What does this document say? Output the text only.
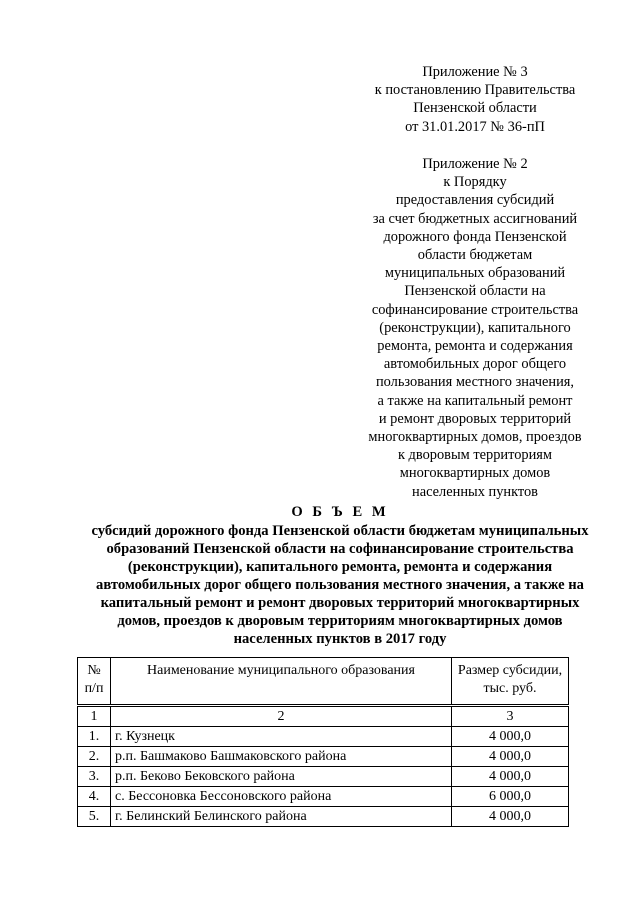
Приложение № 3
к постановлению Правительства
Пензенской области
от 31.01.2017 № 36-пП
Приложение № 2
к Порядку
предоставления субсидий
за счет бюджетных ассигнований
дорожного фонда Пензенской
области бюджетам
муниципальных образований
Пензенской области на
софинансирование строительства
(реконструкции), капитального
ремонта, ремонта и содержания
автомобильных дорог общего
пользования местного значения,
а также на капитальный ремонт
и ремонт дворовых территорий
многоквартирных домов, проездов
к дворовым территориям
многоквартирных домов
населенных пунктов
О Б Ъ Е М
субсидий дорожного фонда Пензенской области бюджетам муниципальных
образований Пензенской области на софинансирование строительства
(реконструкции), капитального ремонта, ремонта и содержания
автомобильных дорог общего пользования местного значения, а также на
капитальный ремонт и ремонт дворовых территорий многоквартирных
домов, проездов к дворовым территориям многоквартирных домов
населенных пунктов в 2017 году
№
п/п	Наименование муниципального образования	Размер субсидии,
тыс. руб.
1	2	3
1.	г. Кузнецк	4 000,0
2.	р.п. Башмаково Башмаковского района	4 000,0
3.	р.п. Беково Бековского района	4 000,0
4.	с. Бессоновка Бессоновского района	6 000,0
5.	г. Белинский Белинского района	4 000,0
